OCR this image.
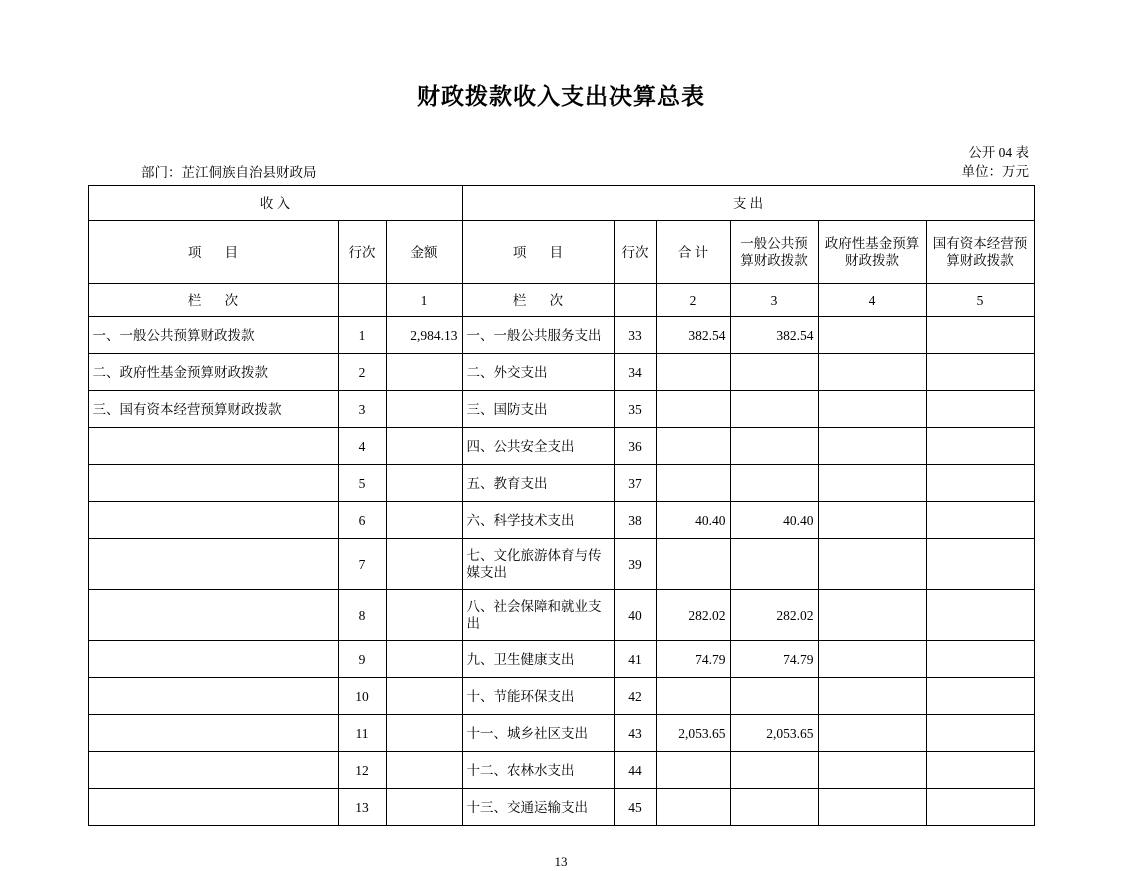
财政拨款收入支出决算总表
部门：芷江侗族自治县财政局
公开 04 表
单位：万元
收 入			支 出					
项 目	行次	金额	项 目	行次	合 计	一般公共预算财政拨款	政府性基金预算财政拨款	国有资本经营预算财政拨款
栏 次		1	栏 次		2	3	4	5
一、一般公共预算财政拨款	1	2,984.13	一、一般公共服务支出	33	382.54	382.54		
二、政府性基金预算财政拨款	2		二、外交支出	34				
三、国有资本经营预算财政拨款	3		三、国防支出	35				
	4		四、公共安全支出	36				
	5		五、教育支出	37				
	6		六、科学技术支出	38	40.40	40.40		
	7		七、文化旅游体育与传媒支出	39				
	8		八、社会保障和就业支出	40	282.02	282.02		
	9		九、卫生健康支出	41	74.79	74.79		
	10		十、节能环保支出	42				
	11		十一、城乡社区支出	43	2,053.65	2,053.65		
	12		十二、农林水支出	44				
	13		十三、交通运输支出	45				
13
